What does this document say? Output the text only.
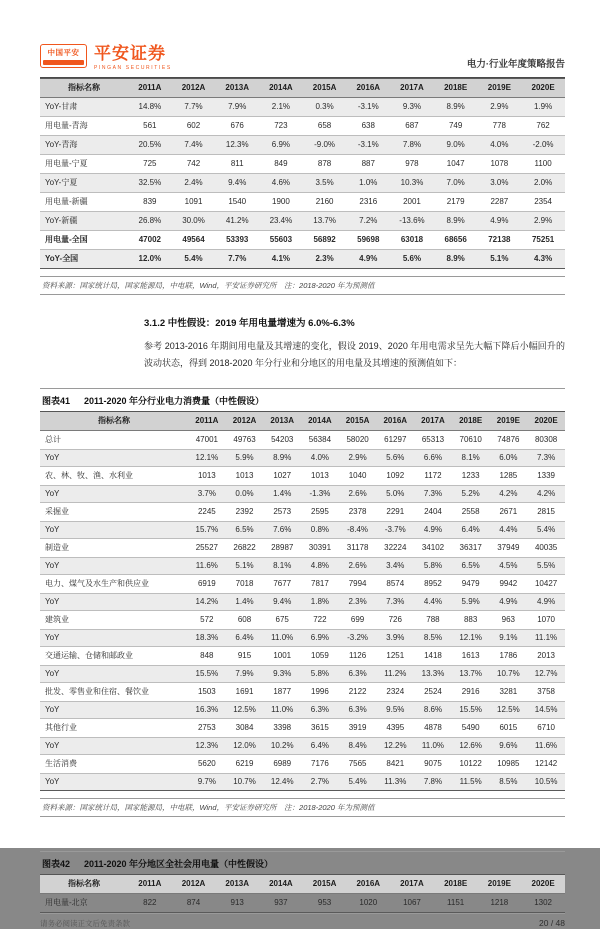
中国平安 平安证券
PINGAN SECURITIES	电力·行业年度策略报告
指标名称	2011A	2012A	2013A	2014A	2015A	2016A	2017A	2018E	2019E	2020E
YoY-甘肃	14.8%	7.7%	7.9%	2.1%	0.3%	-3.1%	9.3%	8.9%	2.9%	1.9%
用电量-青海	561	602	676	723	658	638	687	749	778	762
YoY-青海	20.5%	7.4%	12.3%	6.9%	-9.0%	-3.1%	7.8%	9.0%	4.0%	-2.0%
用电量-宁夏	725	742	811	849	878	887	978	1047	1078	1100
YoY-宁夏	32.5%	2.4%	9.4%	4.6%	3.5%	1.0%	10.3%	7.0%	3.0%	2.0%
用电量-新疆	839	1091	1540	1900	2160	2316	2001	2179	2287	2354
YoY-新疆	26.8%	30.0%	41.2%	23.4%	13.7%	7.2%	-13.6%	8.9%	4.9%	2.9%
用电量-全国	47002	49564	53393	55603	56892	59698	63018	68656	72138	75251
YoY-全国	12.0%	5.4%	7.7%	4.1%	2.3%	4.9%	5.6%	8.9%	5.1%	4.3%
资料来源：国家统计局，国家能源局，中电联，Wind，平安证券研究所　注：2018-2020 年为预测值
3.1.2 中性假设：2019 年用电量增速为 6.0%-6.3%

参考 2013-2016 年期间用电量及其增速的变化，假设 2019、2020 年用电需求呈先大幅下降后小幅回升的波动状态，得到 2018-2020 年分行业和分地区的用电量及其增速的预测值如下：

图表41 2011-2020 年分行业电力消费量（中性假设）
指标名称	2011A	2012A	2013A	2014A	2015A	2016A	2017A	2018E	2019E	2020E
总计	47001	49763	54203	56384	58020	61297	65313	70610	74876	80308
YoY	12.1%	5.9%	8.9%	4.0%	2.9%	5.6%	6.6%	8.1%	6.0%	7.3%
农、林、牧、渔、水利业	1013	1013	1027	1013	1040	1092	1172	1233	1285	1339
YoY	3.7%	0.0%	1.4%	-1.3%	2.6%	5.0%	7.3%	5.2%	4.2%	4.2%
采掘业	2245	2392	2573	2595	2378	2291	2404	2558	2671	2815
YoY	15.7%	6.5%	7.6%	0.8%	-8.4%	-3.7%	4.9%	6.4%	4.4%	5.4%
制造业	25527	26822	28987	30391	31178	32224	34102	36317	37949	40035
YoY	11.6%	5.1%	8.1%	4.8%	2.6%	3.4%	5.8%	6.5%	4.5%	5.5%
电力、煤气及水生产和供应业	6919	7018	7677	7817	7994	8574	8952	9479	9942	10427
YoY	14.2%	1.4%	9.4%	1.8%	2.3%	7.3%	4.4%	5.9%	4.9%	4.9%
建筑业	572	608	675	722	699	726	788	883	963	1070
YoY	18.3%	6.4%	11.0%	6.9%	-3.2%	3.9%	8.5%	12.1%	9.1%	11.1%
交通运输、仓储和邮政业	848	915	1001	1059	1126	1251	1418	1613	1786	2013
YoY	15.5%	7.9%	9.3%	5.8%	6.3%	11.2%	13.3%	13.7%	10.7%	12.7%
批发、零售业和住宿、餐饮业	1503	1691	1877	1996	2122	2324	2524	2916	3281	3758
YoY	16.3%	12.5%	11.0%	6.3%	6.3%	9.5%	8.6%	15.5%	12.5%	14.5%
其他行业	2753	3084	3398	3615	3919	4395	4878	5490	6015	6710
YoY	12.3%	12.0%	10.2%	6.4%	8.4%	12.2%	11.0%	12.6%	9.6%	11.6%
生活消费	5620	6219	6989	7176	7565	8421	9075	10122	10985	12142
YoY	9.7%	10.7%	12.4%	2.7%	5.4%	11.3%	7.8%	11.5%	8.5%	10.5%
资料来源：国家统计局，国家能源局，中电联，Wind，平安证券研究所　注：2018-2020 年为预测值
图表42 2011-2020 年分地区全社会用电量（中性假设）
指标名称	2011A	2012A	2013A	2014A	2015A	2016A	2017A	2018E	2019E	2020E
用电量-北京	822	874	913	937	953	1020	1067	1151	1218	1302
请务必阅读正文后免责条款	20 / 48
